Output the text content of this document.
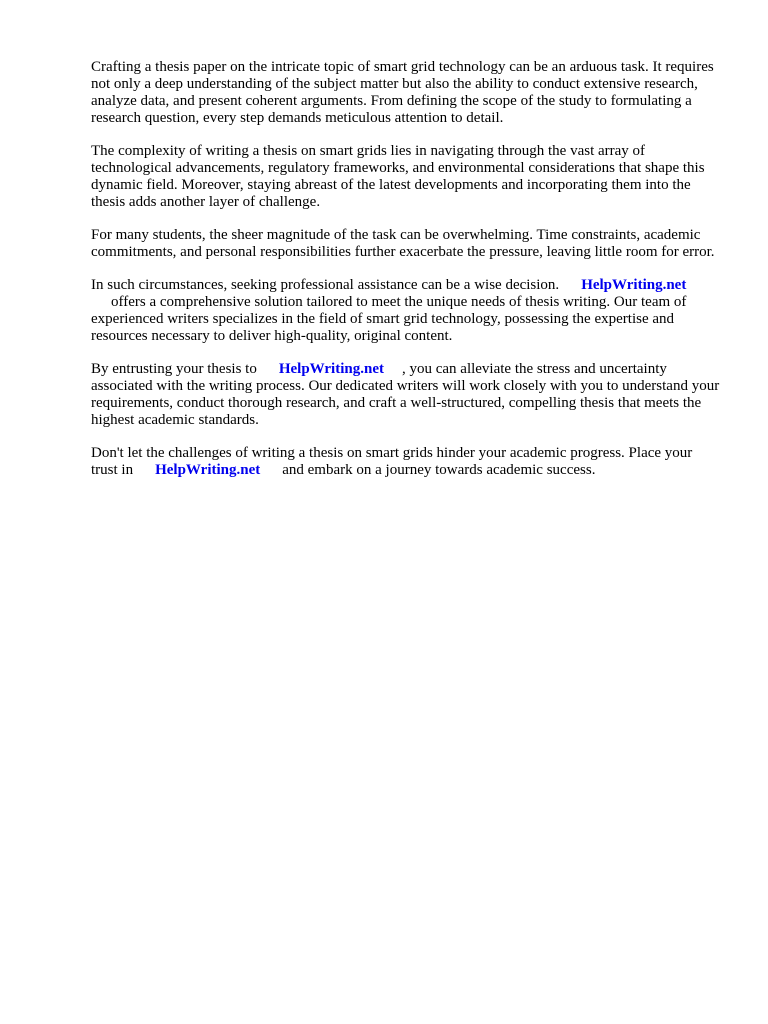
Crafting a thesis paper on the intricate topic of smart grid technology can be an arduous task. It requires not only a deep understanding of the subject matter but also the ability to conduct extensive research, analyze data, and present coherent arguments. From defining the scope of the study to formulating a research question, every step demands meticulous attention to detail.

The complexity of writing a thesis on smart grids lies in navigating through the vast array of technological advancements, regulatory frameworks, and environmental considerations that shape this dynamic field. Moreover, staying abreast of the latest developments and incorporating them into the thesis adds another layer of challenge.

For many students, the sheer magnitude of the task can be overwhelming. Time constraints, academic commitments, and personal responsibilities further exacerbate the pressure, leaving little room for error.

In such circumstances, seeking professional assistance can be a wise decision. HelpWriting.net
offers a comprehensive solution tailored to meet the unique needs of thesis writing. Our team of experienced writers specializes in the field of smart grid technology, possessing the expertise and resources necessary to deliver high-quality, original content.

By entrusting your thesis to HelpWriting.net , you can alleviate the stress and uncertainty associated with the writing process. Our dedicated writers will work closely with you to understand your requirements, conduct thorough research, and craft a well-structured, compelling thesis that meets the highest academic standards.

Don't let the challenges of writing a thesis on smart grids hinder your academic progress. Place your trust in HelpWriting.net and embark on a journey towards academic success.
